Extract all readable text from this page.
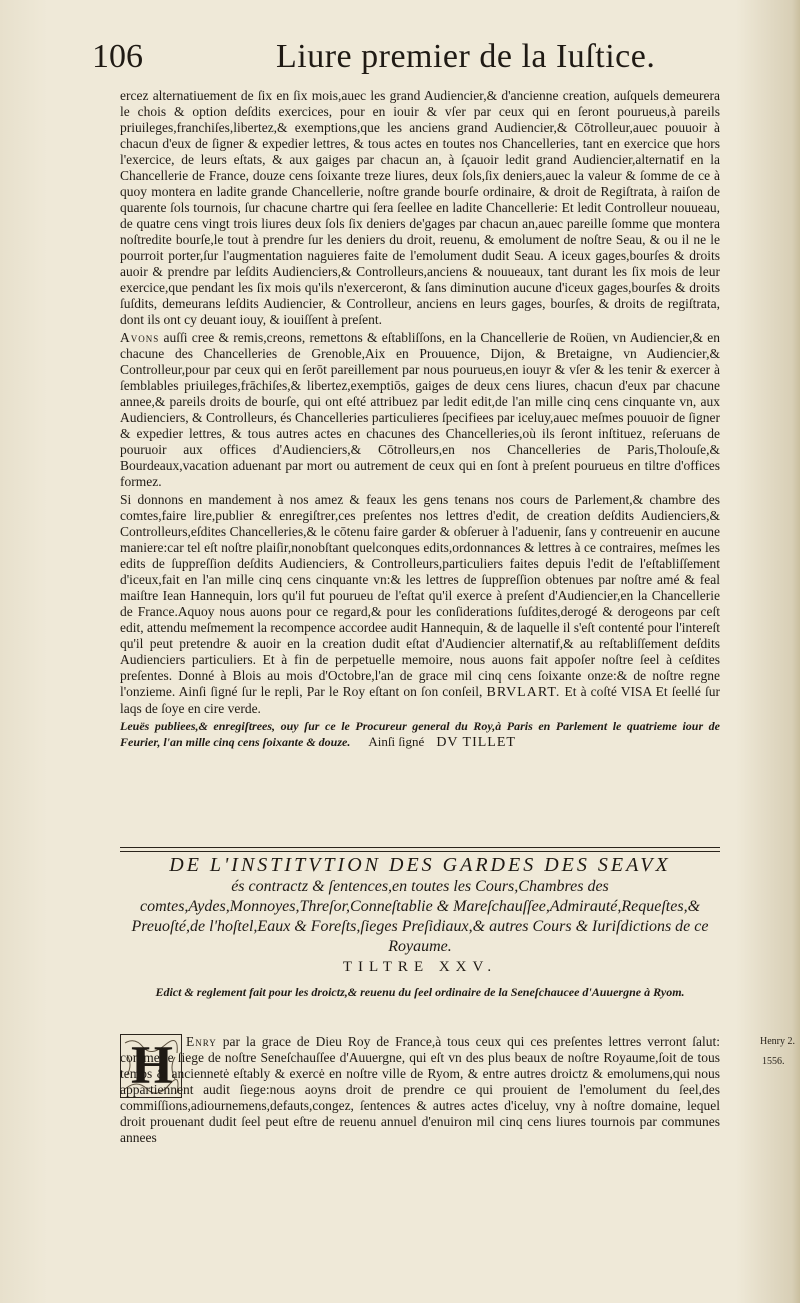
106	Liure premier de la Iuſtice.

ercez alternatiuement de ſix en ſix mois,auec les grand Audiencier,& d'ancienne creation, auſquels demeurera le chois & option deſdits exercices, pour en iouir & vſer par ceux qui en ſeront pourueus,à pareils priuileges,franchiſes,libertez,& exemptions,que les anciens grand Audiencier,& Cōtrolleur,auec pouuoir à chacun d'eux de ſigner & expedier lettres, & tous actes en toutes nos Chancelleries, tant en exercice que hors l'exercice, de leurs eſtats, & aux gaiges par chacun an, à ſçauoir ledit grand Audiencier,alternatif en la Chancellerie de France, douze cens ſoixante treze liures, deux ſols,ſix deniers,auec la valeur & ſomme de ce à quoy montera en ladite grande Chancellerie, noſtre grande bourſe ordinaire, & droit de Regiſtrata, à raiſon de quarente ſols tournois, ſur chacune chartre qui ſera ſeellee en ladite Chancellerie: Et ledit Controlleur nouueau, de quatre cens vingt trois liures deux ſols ſix deniers de'gages par chacun an,auec pareille ſomme que montera noſtredite bourſe,le tout à prendre ſur les deniers du droit, reuenu, & emolument de noſtre Seau, & ou il ne le pourroit porter,ſur l'augmentation naguieres faite de l'emolument dudit Seau. A iceux gages,bourſes & droits auoir & prendre par leſdits Audienciers,& Controlleurs,anciens & nouueaux, tant durant les ſix mois de leur exercice,que pendant les ſix mois qu'ils n'exerceront, & ſans diminution aucune d'iceux gages,bourſes & droits ſuſdits, demeurans leſdits Audiencier, & Controlleur, anciens en leurs gages, bourſes, & droits de regiſtrata, dont ils ont cy deuant iouy, & iouiſſent à preſent.

Avons auſſi cree & remis,creons, remettons & eſtabliſſons, en la Chancellerie de Roüen, vn Audiencier,& en chacune des Chancelleries de Grenoble,Aix en Prouuence, Dijon, & Bretaigne, vn Audiencier,& Controlleur,pour par ceux qui en ſerōt pareillement par nous pourueus,en iouyr & vſer & les tenir & exercer à ſemblables priuileges,frāchiſes,& libertez,exemptiōs, gaiges de deux cens liures, chacun d'eux par chacune annee,& pareils droits de bourſe, qui ont eſté attribuez par ledit edit,de l'an mille cinq cens cinquante vn, aux Audienciers, & Controlleurs, és Chancelleries particulieres ſpecifiees par iceluy,auec meſmes pouuoir de ſigner & expedier lettres, & tous autres actes en chacunes des Chancelleries,où ils ſeront inſtituez, reſeruans de pouruoir aux offices d'Audienciers,& Cōtrolleurs,en nos Chancelleries de Paris,Tholouſe,& Bourdeaux,vacation aduenant par mort ou autrement de ceux qui en ſont à preſent pourueus en tiltre d'offices formez.

Si donnons en mandement à nos amez & feaux les gens tenans nos cours de Parlement,& chambre des comtes,faire lire,publier & enregiſtrer,ces preſentes nos lettres d'edit, de creation deſdits Audienciers,& Controlleurs,eſdites Chancelleries,& le cōtenu faire garder & obſeruer à l'aduenir, ſans y contreuenir en aucune maniere:car tel eſt noſtre plaiſir,nonobſtant quelconques edits,ordonnances & lettres à ce contraires, meſmes les edits de ſuppreſſion deſdits Audienciers, & Controlleurs,particuliers faites depuis l'edit de l'eſtabliſſement d'iceux,fait en l'an mille cinq cens cinquante vn:& les lettres de ſuppreſſion obtenues par noſtre amé & feal maiſtre Iean Hannequin, lors qu'il fut pourueu de l'eſtat qu'il exerce à preſent d'Audiencier,en la Chancellerie de France.Aquoy nous auons pour ce regard,& pour les conſiderations ſuſdites,derogé & derogeons par ceſt edit, attendu meſmement la recompence accordee audit Hannequin, & de laquelle il s'eſt contenté pour l'intereſt qu'il peut pretendre & auoir en la creation dudit eſtat d'Audiencier alternatif,& au reſtabliſſement deſdits Audienciers particuliers. Et à fin de perpetuelle memoire, nous auons fait appoſer noſtre ſeel à ceſdites preſentes. Donné à Blois au mois d'Octobre,l'an de grace mil cinq cens ſoixante onze:& de noſtre regne l'onzieme. Ainſi ſigné ſur le repli, Par le Roy eſtant on ſon conſeil, BRVLART. Et à coſté VISA Et ſeellé ſur laqs de ſoye en cire verde.

Leuës publiees,& enregiſtrees, ouy ſur ce le Procureur general du Roy,à Paris en Parlement le quatrieme iour de Feurier, l'an mille cinq cens ſoixante & douze. Ainſi ſigné DV TILLET

DE L'INSTITVTION DES GARDES DES SEAVX
és contractz & ſentences,en toutes les Cours,Chambres des comtes,Aydes,Monnoyes,Threſor,Conneſtablie & Mareſchauſſee,Admirauté,Requeſtes,& Preuoſté,de l'hoſtel,Eaux & Foreſts,ſieges Preſidiaux,& autres Cours & Iuriſdictions de ce Royaume.
TILTRE XXV.
Edict & reglement fait pour les droictz,& reuenu du ſeel ordinaire de la Seneſchaucee d'Auuergne à Ryom.
H Enry par la grace de Dieu Roy de France,à tous ceux qui ces preſentes lettres verront ſalut: comme le ſiege de noſtre Seneſchauſſee d'Auuergne, qui eſt vn des plus beaux de noſtre Royaume,ſoit de tous temps & anciennetė eſtably & exercė en noſtre ville de Ryom, & entre autres droictz & emolumens,qui nous appartiennent audit ſiege:nous aoyns droit de prendre ce qui prouient de l'emolument du ſeel,des commiſſions,adiournemens,defauts,congez, ſentences & autres actes d'iceluy, vny à noſtre domaine, lequel droit prouenant dudit ſeel peut eſtre de reuenu annuel d'enuiron mil cinq cens liures tournois par communes annees

Henry 2.
1556.
